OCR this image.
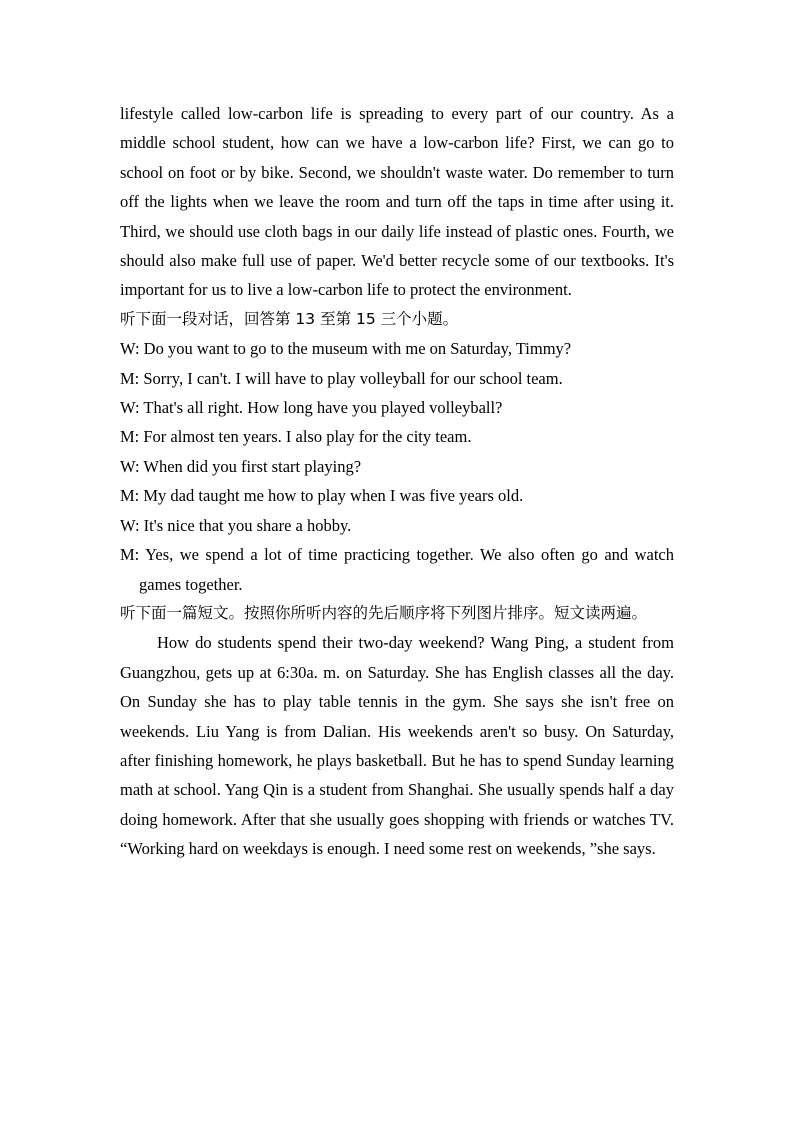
lifestyle called low-carbon life is spreading to every part of our country. As a middle school student, how can we have a low-carbon life? First, we can go to school on foot or by bike. Second, we shouldn't waste water. Do remember to turn off the lights when we leave the room and turn off the taps in time after using it. Third, we should use cloth bags in our daily life instead of plastic ones. Fourth, we should also make full use of paper. We'd better recycle some of our textbooks. It's important for us to live a low-carbon life to protect the environment.

听下面一段对话，回答第 13 至第 15 三个小题。

W: Do you want to go to the museum with me on Saturday, Timmy?

M: Sorry, I can't. I will have to play volleyball for our school team.

W: That's all right. How long have you played volleyball?

M: For almost ten years. I also play for the city team.

W: When did you first start playing?

M: My dad taught me how to play when I was five years old.

W: It's nice that you share a hobby.

M: Yes, we spend a lot of time practicing together. We also often go and watch games together.

听下面一篇短文。按照你所听内容的先后顺序将下列图片排序。短文读两遍。

How do students spend their two-day weekend? Wang Ping, a student from Guangzhou, gets up at 6:30a. m. on Saturday. She has English classes all the day. On Sunday she has to play table tennis in the gym. She says she isn't free on weekends. Liu Yang is from Dalian. His weekends aren't so busy. On Saturday, after finishing homework, he plays basketball. But he has to spend Sunday learning math at school. Yang Qin is a student from Shanghai. She usually spends half a day doing homework. After that she usually goes shopping with friends or watches TV. “Working hard on weekdays is enough. I need some rest on weekends, ”she says.
